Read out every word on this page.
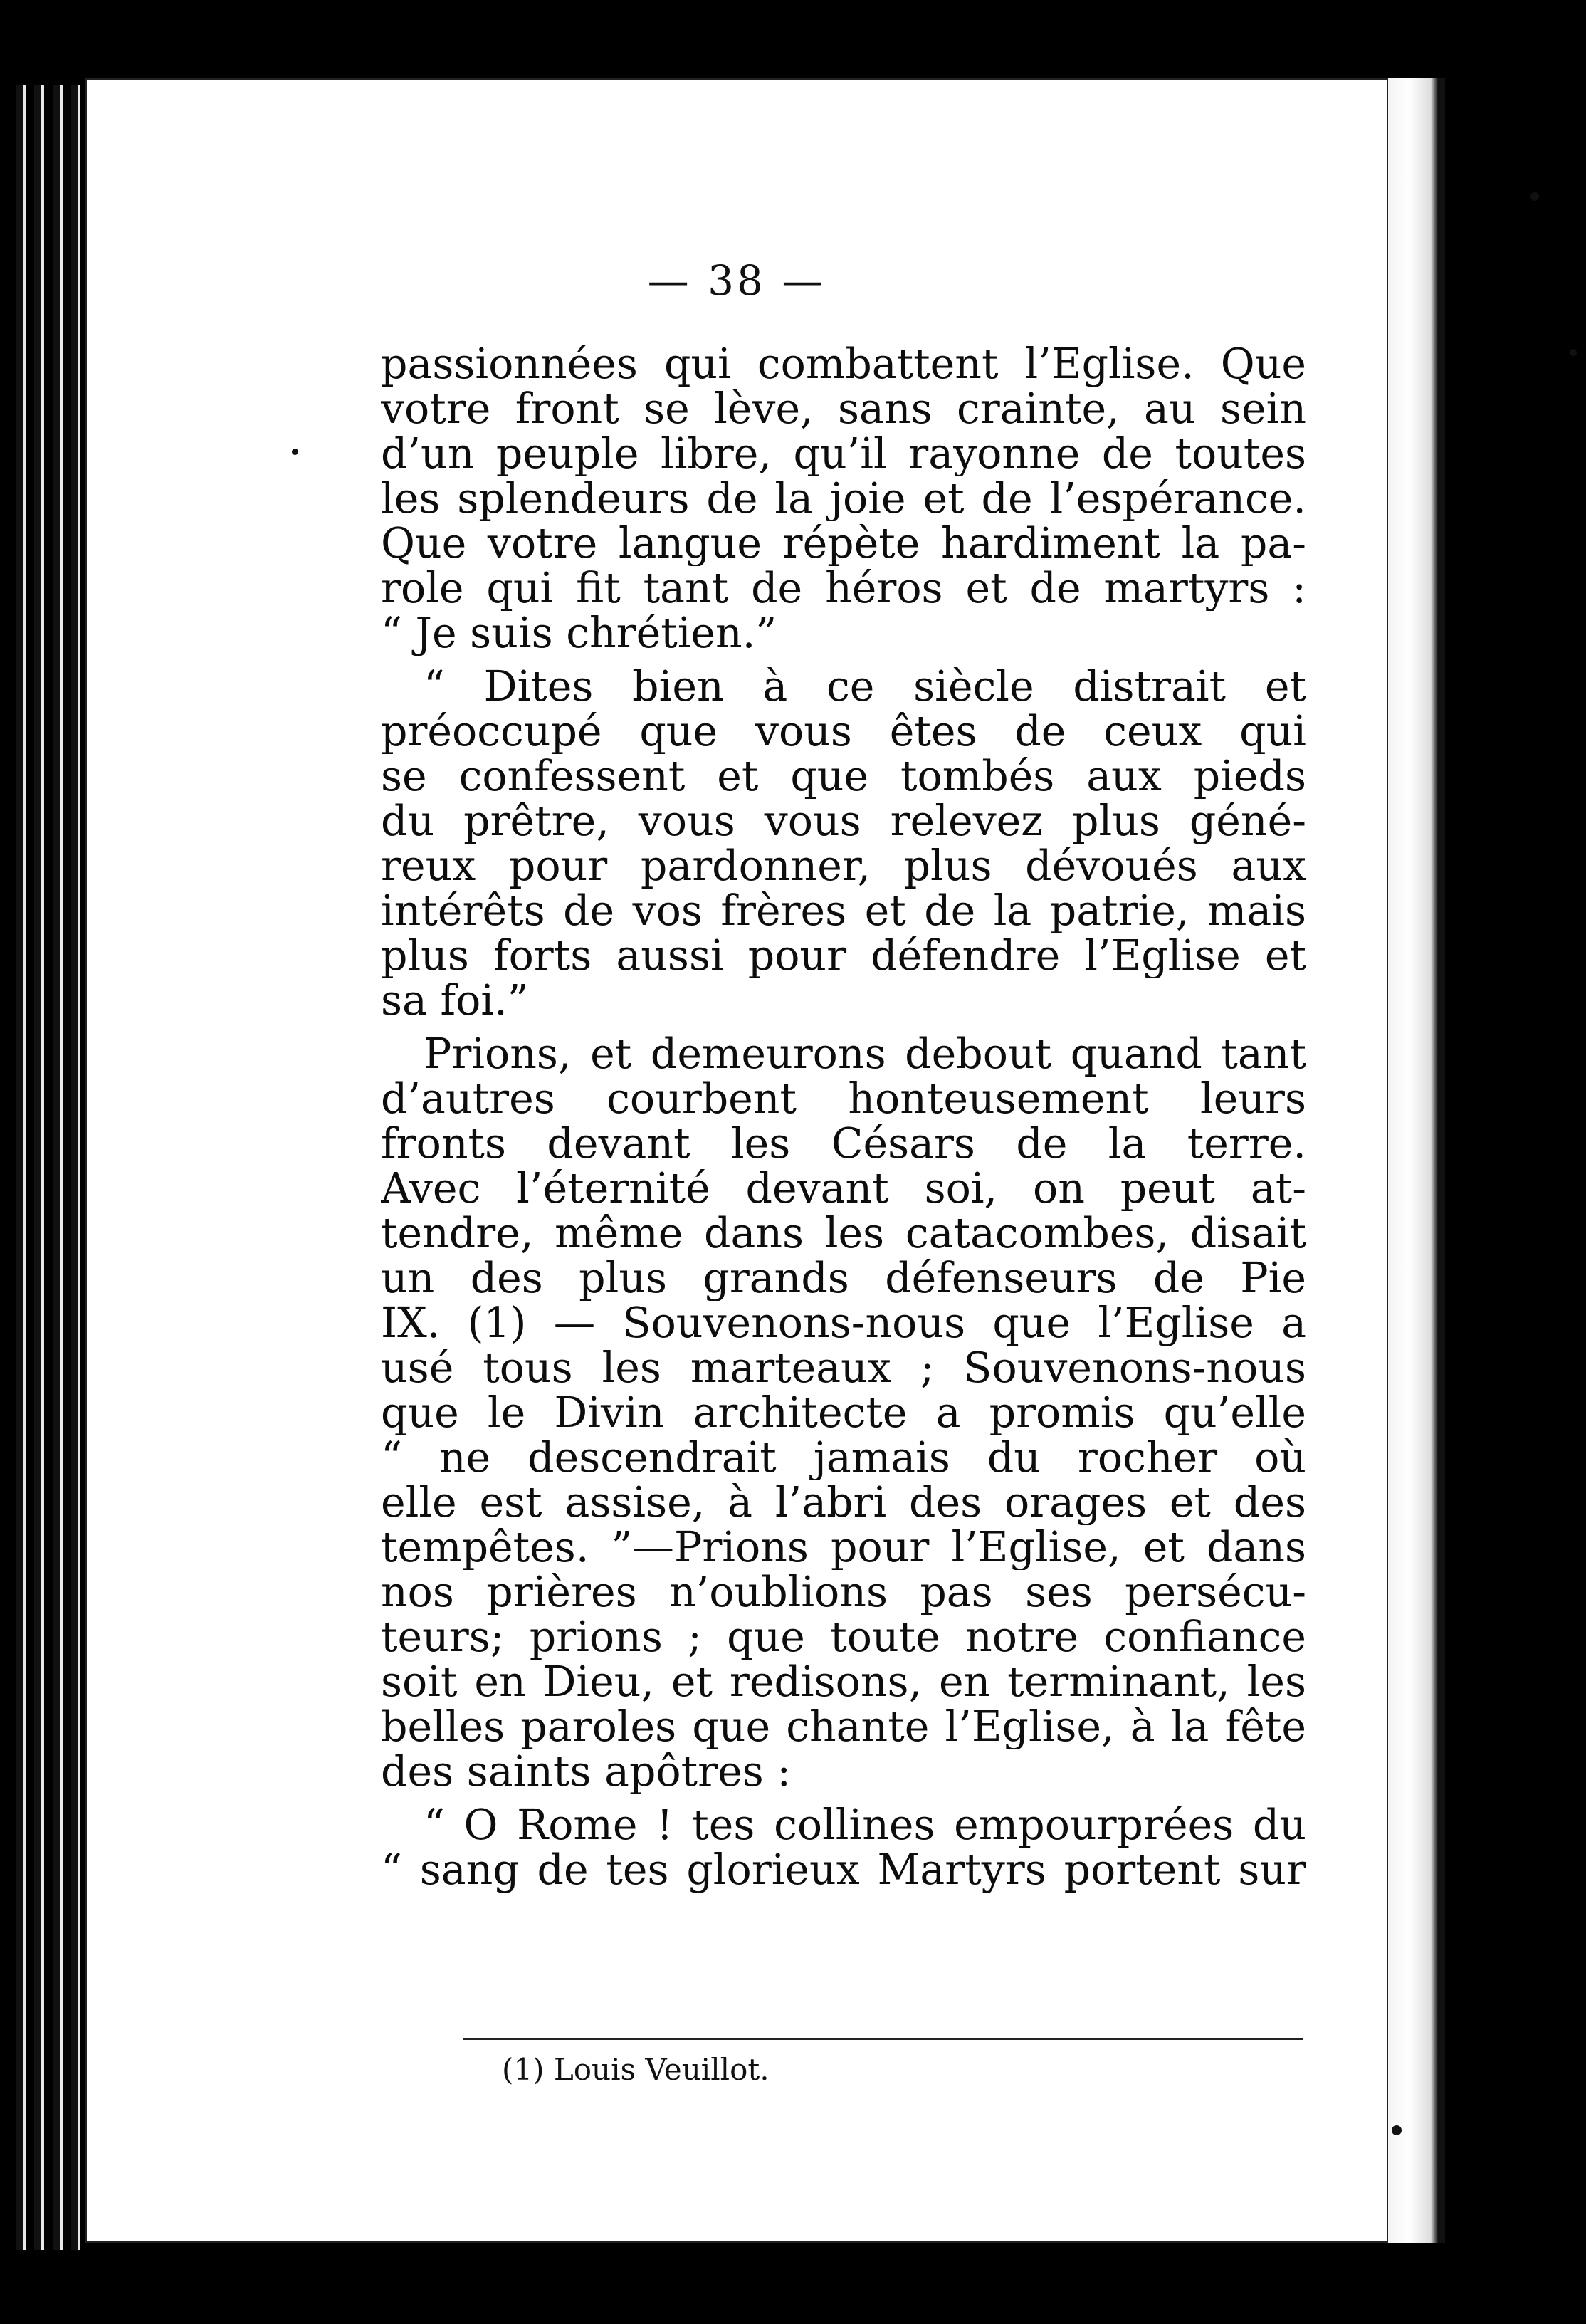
— 38 —
passionnées qui combattent l’Eglise. Que
votre front se lève, sans crainte, au sein
d’un peuple libre, qu’il rayonne de toutes
les splendeurs de la joie et de l’espérance.
Que votre langue répète hardiment la pa-
role qui fit tant de héros et de martyrs :
“ Je suis chrétien.”
“ Dites bien à ce siècle distrait et
préoccupé que vous êtes de ceux qui
se confessent et que tombés aux pieds
du prêtre, vous vous relevez plus géné-
reux pour pardonner, plus dévoués aux
intérêts de vos frères et de la patrie, mais
plus forts aussi pour défendre l’Eglise et
sa foi.”
Prions, et demeurons debout quand tant
d’autres courbent honteusement leurs
fronts devant les Césars de la terre.
Avec l’éternité devant soi, on peut at-
tendre, même dans les catacombes, disait
un des plus grands défenseurs de Pie
IX. (1) — Souvenons-nous que l’Eglise a
usé tous les marteaux ; Souvenons-nous
que le Divin architecte a promis qu’elle
“ ne descendrait jamais du rocher où
elle est assise, à l’abri des orages et des
tempêtes. ”—Prions pour l’Eglise, et dans
nos prières n’oublions pas ses persécu-
teurs; prions ; que toute notre confiance
soit en Dieu, et redisons, en terminant, les
belles paroles que chante l’Eglise, à la fête
des saints apôtres :
“ O Rome ! tes collines empourprées du
“ sang de tes glorieux Martyrs portent sur
(1) Louis Veuillot.
